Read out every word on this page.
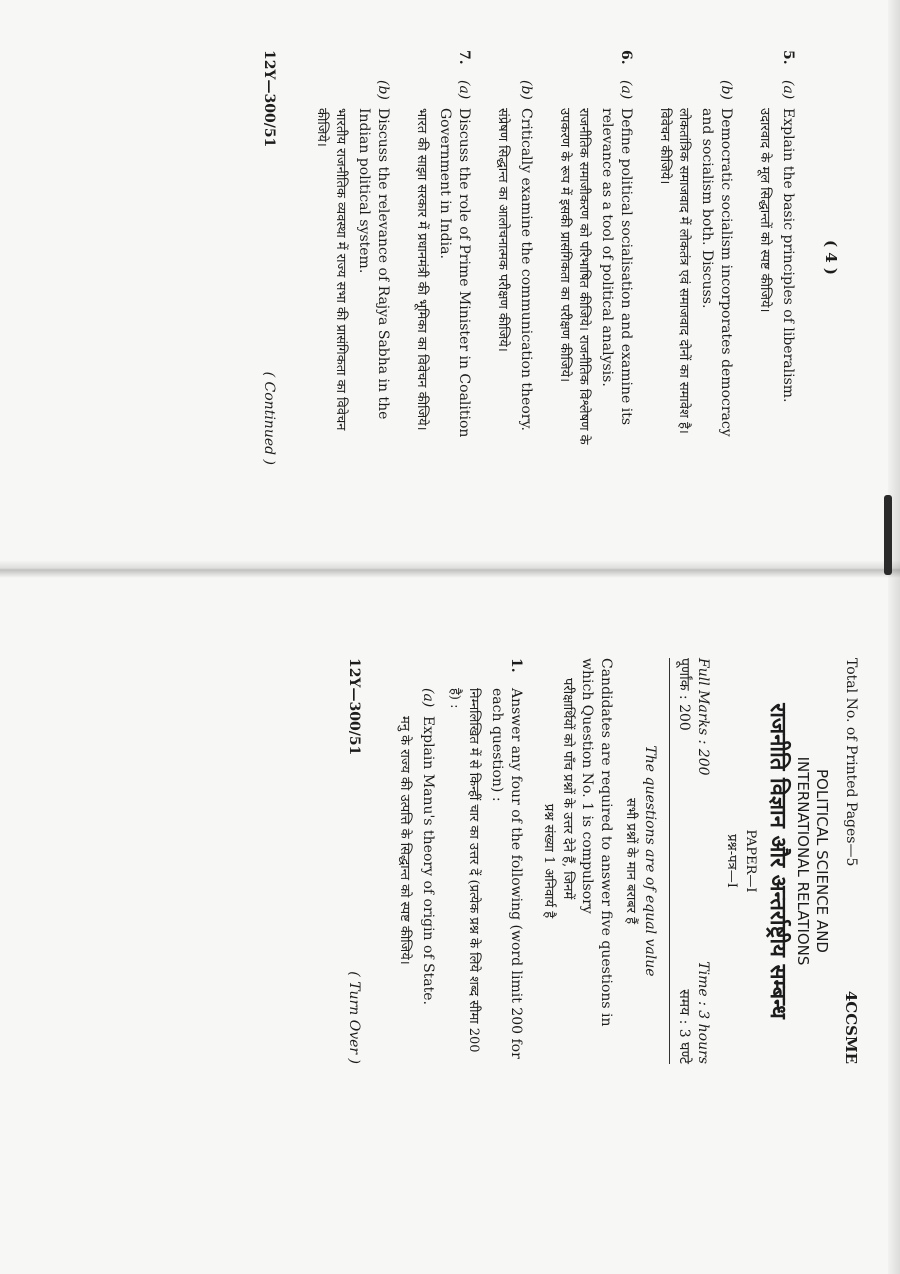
( 4 )
5.
(a)
Explain the basic principles of liberalism.
उदारवाद के मूल सिद्धान्तों को स्पष्ट कीजिये।
(b)
Democratic socialism incorporates democracy and socialism both. Discuss.
लोकतांत्रिक समाजवाद में लोकतंत्र एवं समाजवाद दोनों का समावेश है। विवेचन कीजिये।
6.
(a)
Define political socialisation and examine its relevance as a tool of political analysis.
राजनीतिक समाजीकरण को परिभाषित कीजिये। राजनीतिक विश्लेषण के उपकरण के रूप में इसकी प्रासंगिकता का परीक्षण कीजिये।
(b)
Critically examine the communication theory.
संप्रेषण सिद्धान्त का आलोचनात्मक परीक्षण कीजिये।
7.
(a)
Discuss the role of Prime Minister in Coalition Government in India.
भारत की साझा सरकार में प्रधानमंत्री की भूमिका का विवेचन कीजिये।
(b)
Discuss the relevance of Rajya Sabha in the Indian political system.
भारतीय राजनीतिक व्यवस्था में राज्य सभा की प्रासंगिकता का विवेचन कीजिये।
12Y—300/51
( Continued )
Total No. of Printed Pages—5
4CCSME
POLITICAL SCIENCE AND
INTERNATIONAL RELATIONS
राजनीति विज्ञान और अन्तर्राष्ट्रीय सम्बन्ध
PAPER—I
प्रश्न-पत्र—I
Full Marks : 200
Time : 3 hours
पूर्णांक : 200
समय : 3 घण्टे
The questions are of equal value
सभी प्रश्नों के मान बराबर हैं
Candidates are required to answer five questions in which Question No. 1 is compulsory
परीक्षार्थियों को पाँच प्रश्नों के उत्तर देने हैं, जिनमें
प्रश्न संख्या 1 अनिवार्य है
1.
Answer any four of the following (word limit 200 for each question) :
निम्नलिखित में से किन्हीं चार का उत्तर दें (प्रत्येक प्रश्न के लिये शब्द सीमा 200 है) :
(a)
Explain Manu's theory of origin of State.
मनु के राज्य की उत्पत्ति के सिद्धान्त को स्पष्ट कीजिये।
12Y—300/51
( Turn Over )
